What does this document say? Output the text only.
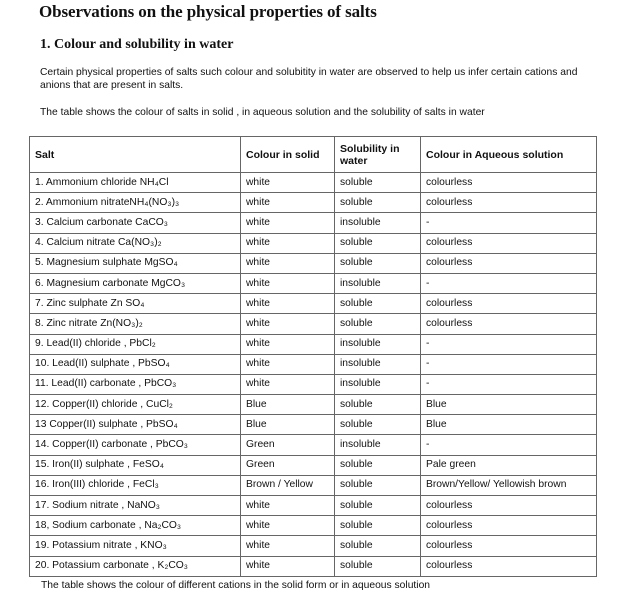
Observations on the physical properties of salts
1. Colour and solubility in water
Certain physical properties of salts such colour and solubitity in water are observed to help us infer certain cations and anions that are present in salts.
The table shows the colour of salts in solid , in aqueous solution and the solubility of salts in water
Salt	Colour in solid	Solubility in water	Colour in Aqueous solution
1. Ammonium chloride NH₄Cl	white	soluble	colourless
2. Ammonium nitrateNH₄(NO₃)₃	white	soluble	colourless
3. Calcium carbonate CaCO₃	white	insoluble	-
4. Calcium nitrate Ca(NO₃)₂	white	soluble	colourless
5. Magnesium sulphate MgSO₄	white	soluble	colourless
6. Magnesium carbonate MgCO₃	white	insoluble	-
7. Zinc sulphate Zn SO₄	white	soluble	colourless
8. Zinc nitrate Zn(NO₃)₂	white	soluble	colourless
9. Lead(II) chloride , PbCl₂	white	insoluble	-
10. Lead(II) sulphate , PbSO₄	white	insoluble	-
11. Lead(II) carbonate , PbCO₃	white	insoluble	-
12. Copper(II) chloride , CuCl₂	Blue	soluble	Blue
13 Copper(II) sulphate , PbSO₄	Blue	soluble	Blue
14. Copper(II) carbonate , PbCO₃	Green	insoluble	-
15. Iron(II) sulphate , FeSO₄	Green	soluble	Pale green
16. Iron(III) chloride , FeCl₃	Brown / Yellow	soluble	Brown/Yellow/ Yellowish brown
17. Sodium nitrate , NaNO₃	white	soluble	colourless
18, Sodium carbonate , Na₂CO₃	white	soluble	colourless
19. Potassium nitrate , KNO₃	white	soluble	colourless
20. Potassium carbonate , K₂CO₃	white	soluble	colourless
The table shows the colour of different cations in the solid form or in aqueous solution
